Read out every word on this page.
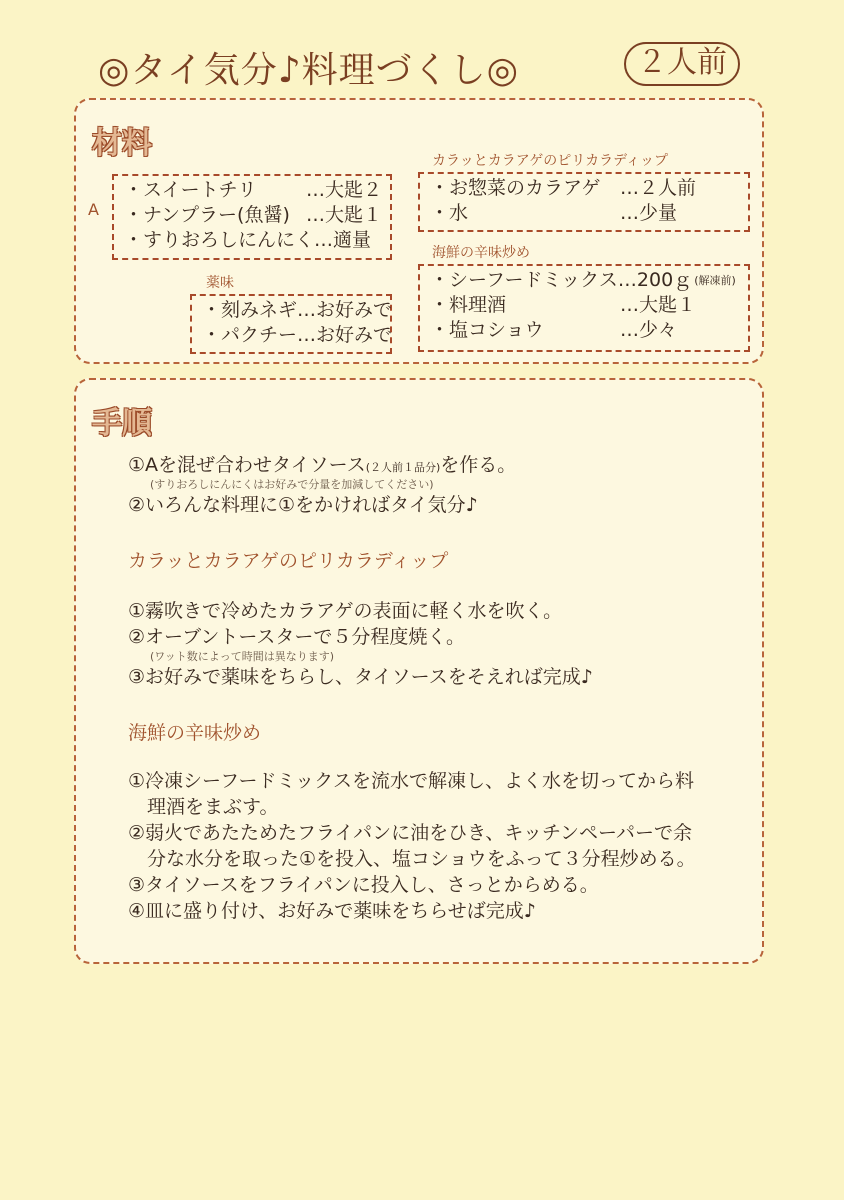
◎タイ気分♪料理づくし◎	２人前
材料
A
・スイートチリ	…大匙２
・ナンプラー(魚醤) …大匙１
・すりおろしにんにく …適量
薬味
・刻みネギ …お好みで
・パクチー …お好みで
カラッとカラアゲのピリカラディップ
・お惣菜のカラアゲ	…２人前
・水	…少量
海鮮の辛味炒め
・シーフードミックス …200ｇ (解凍前)
・料理酒	…大匙１
・塩コショウ	…少々
手順
①Aを混ぜ合わせタイソース(２人前１品分)を作る。
(すりおろしにんにくはお好みで分量を加減してください)
②いろんな料理に①をかければタイ気分♪
カラッとカラアゲのピリカラディップ
①霧吹きで冷めたカラアゲの表面に軽く水を吹く。
②オーブントースターで５分程度焼く。
(ワット数によって時間は異なります)
③お好みで薬味をちらし、タイソースをそえれば完成♪
海鮮の辛味炒め
①冷凍シーフードミックスを流水で解凍し、よく水を切ってから料
　理酒をまぶす。
②弱火であたためたフライパンに油をひき、キッチンペーパーで余
　分な水分を取った①を投入、塩コショウをふって３分程炒める。
③タイソースをフライパンに投入し、さっとからめる。
④皿に盛り付け、お好みで薬味をちらせば完成♪
